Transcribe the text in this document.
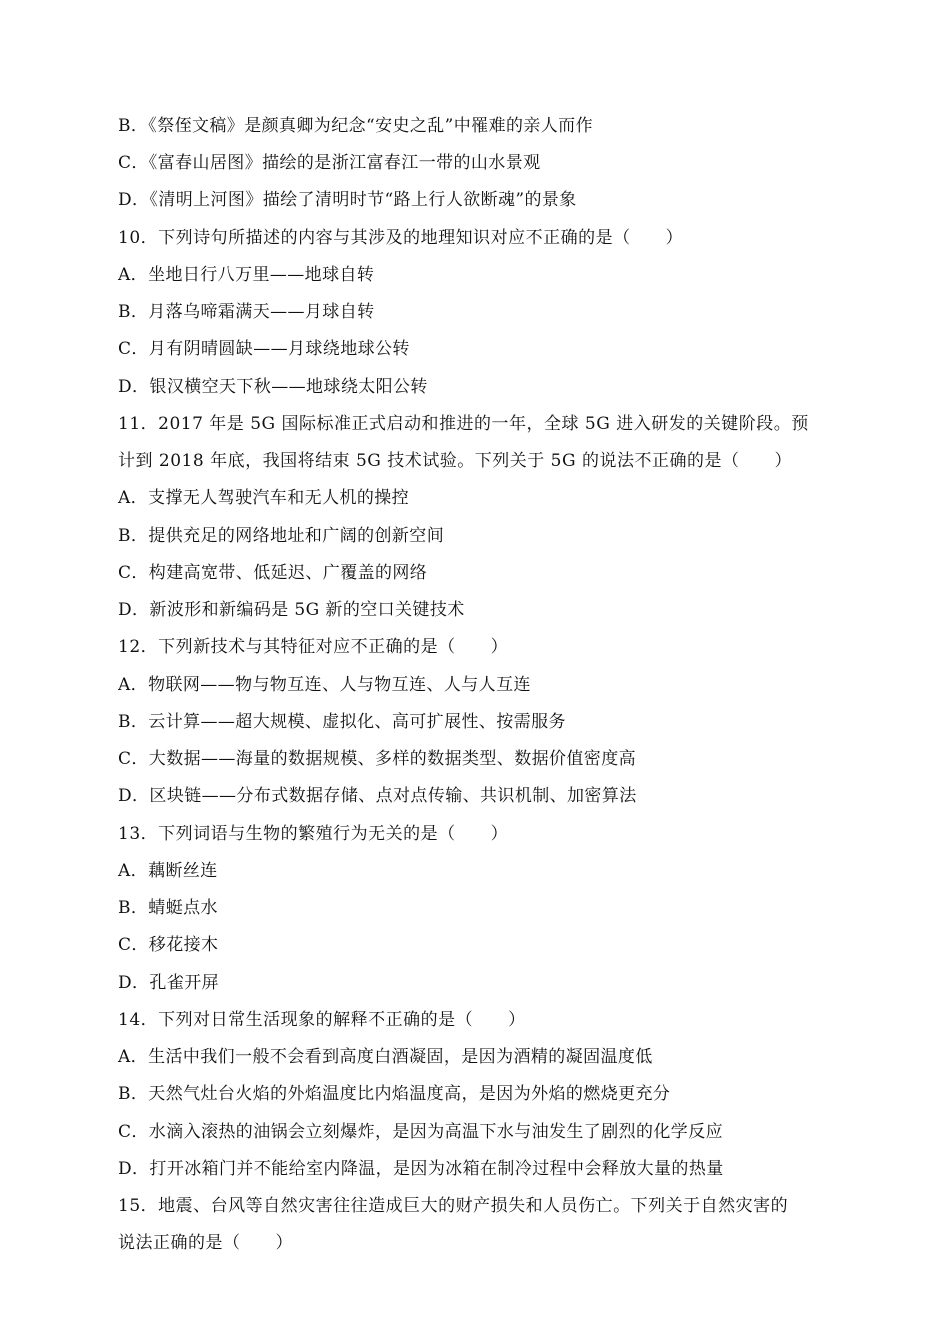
B．《祭侄文稿》是颜真卿为纪念“安史之乱”中罹难的亲人而作
C．《富春山居图》描绘的是浙江富春江一带的山水景观
D．《清明上河图》描绘了清明时节“路上行人欲断魂”的景象
10．下列诗句所描述的内容与其涉及的地理知识对应不正确的是（　　）
A．坐地日行八万里——地球自转
B．月落乌啼霜满天——月球自转
C．月有阴晴圆缺——月球绕地球公转
D．银汉横空天下秋——地球绕太阳公转
11．2017 年是 5G 国际标准正式启动和推进的一年，全球 5G 进入研发的关键阶段。预
计到 2018 年底，我国将结束 5G 技术试验。下列关于 5G 的说法不正确的是（　　）
A．支撑无人驾驶汽车和无人机的操控
B．提供充足的网络地址和广阔的创新空间
C．构建高宽带、低延迟、广覆盖的网络
D．新波形和新编码是 5G 新的空口关键技术
12．下列新技术与其特征对应不正确的是（　　）
A．物联网——物与物互连、人与物互连、人与人互连
B．云计算——超大规模、虚拟化、高可扩展性、按需服务
C．大数据——海量的数据规模、多样的数据类型、数据价值密度高
D．区块链——分布式数据存储、点对点传输、共识机制、加密算法
13．下列词语与生物的繁殖行为无关的是（　　）
A．藕断丝连
B．蜻蜓点水
C．移花接木
D．孔雀开屏
14．下列对日常生活现象的解释不正确的是（　　）
A．生活中我们一般不会看到高度白酒凝固，是因为酒精的凝固温度低
B．天然气灶台火焰的外焰温度比内焰温度高，是因为外焰的燃烧更充分
C．水滴入滚热的油锅会立刻爆炸，是因为高温下水与油发生了剧烈的化学反应
D．打开冰箱门并不能给室内降温，是因为冰箱在制冷过程中会释放大量的热量
15．地震、台风等自然灾害往往造成巨大的财产损失和人员伤亡。下列关于自然灾害的
说法正确的是（　　）
